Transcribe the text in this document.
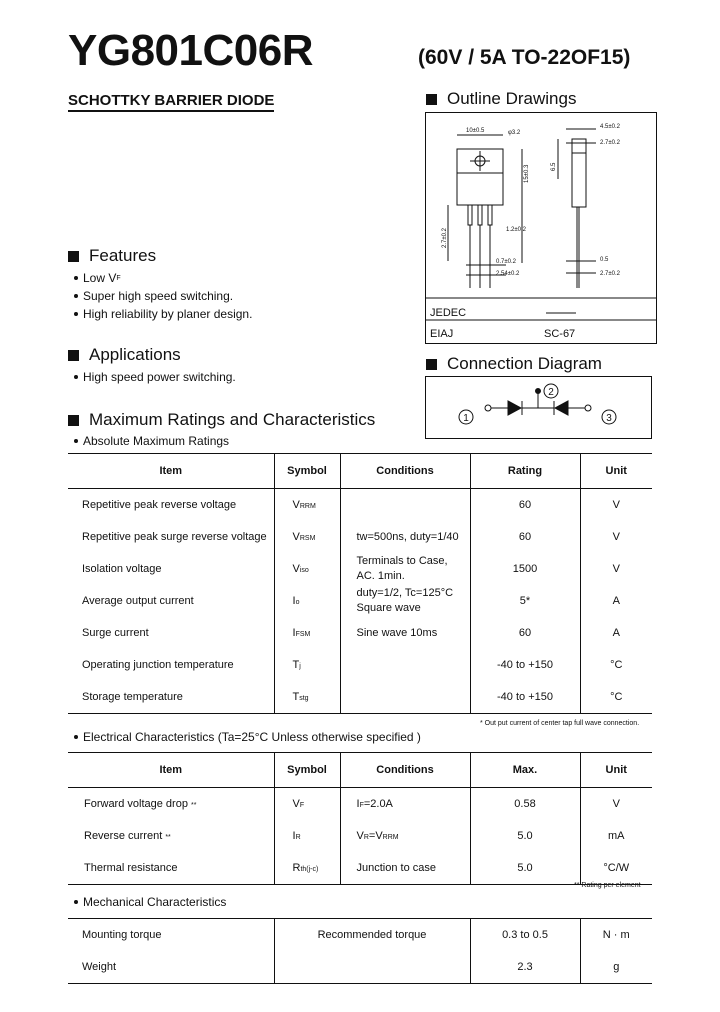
YG801C06R	(60V / 5A TO-22OF15)
SCHOTTKY BARRIER DIODE	Outline Drawings
10±0.5	φ3.2
4.5±0.2
2.7±0.2
15±0.3
1.2±0.2
0.7±0.2
2.54±0.2
2.7±0.2
0.5
2.7±0.2
6.5
JEDEC
EIAJ	SC-67
Connection Diagram
1
2
3
Features
Low V F
Super high speed switching.
High reliability by planer design.
Applications
High speed power switching.
Maximum Ratings and Characteristics
Absolute Maximum Ratings
Item	Symbol	Conditions	Rating	Unit
Repetitive peak reverse voltage	VRRM		60	V
Repetitive peak surge reverse voltage	VRSM	tw=500ns, duty=1/40	60	V
Isolation voltage	Viso	Terminals to Case,
AC. 1min.	1500	V
Average output current	Io	duty=1/2, Tc=125°C
Square wave	5*	A
Surge current	IFSM	Sine wave 10ms	60	A
Operating junction temperature	Tj		-40 to +150	°C
Storage temperature	Tstg		-40 to +150	°C
* Out put current of center tap full wave connection.
Electrical Characteristics (Ta=25°C Unless otherwise specified )
Item	Symbol	Conditions	Max.	Unit
Forward voltage drop **	VF	IF=2.0A	0.58	V
Reverse current **	IR	VR=VRRM	5.0	mA
Thermal resistance	Rth(j-c)	Junction to case	5.0	°C/W
** Rating per element
Mechanical Characteristics
Mounting torque	Recommended torque	0.3 to 0.5	N · m
Weight		2.3	g
